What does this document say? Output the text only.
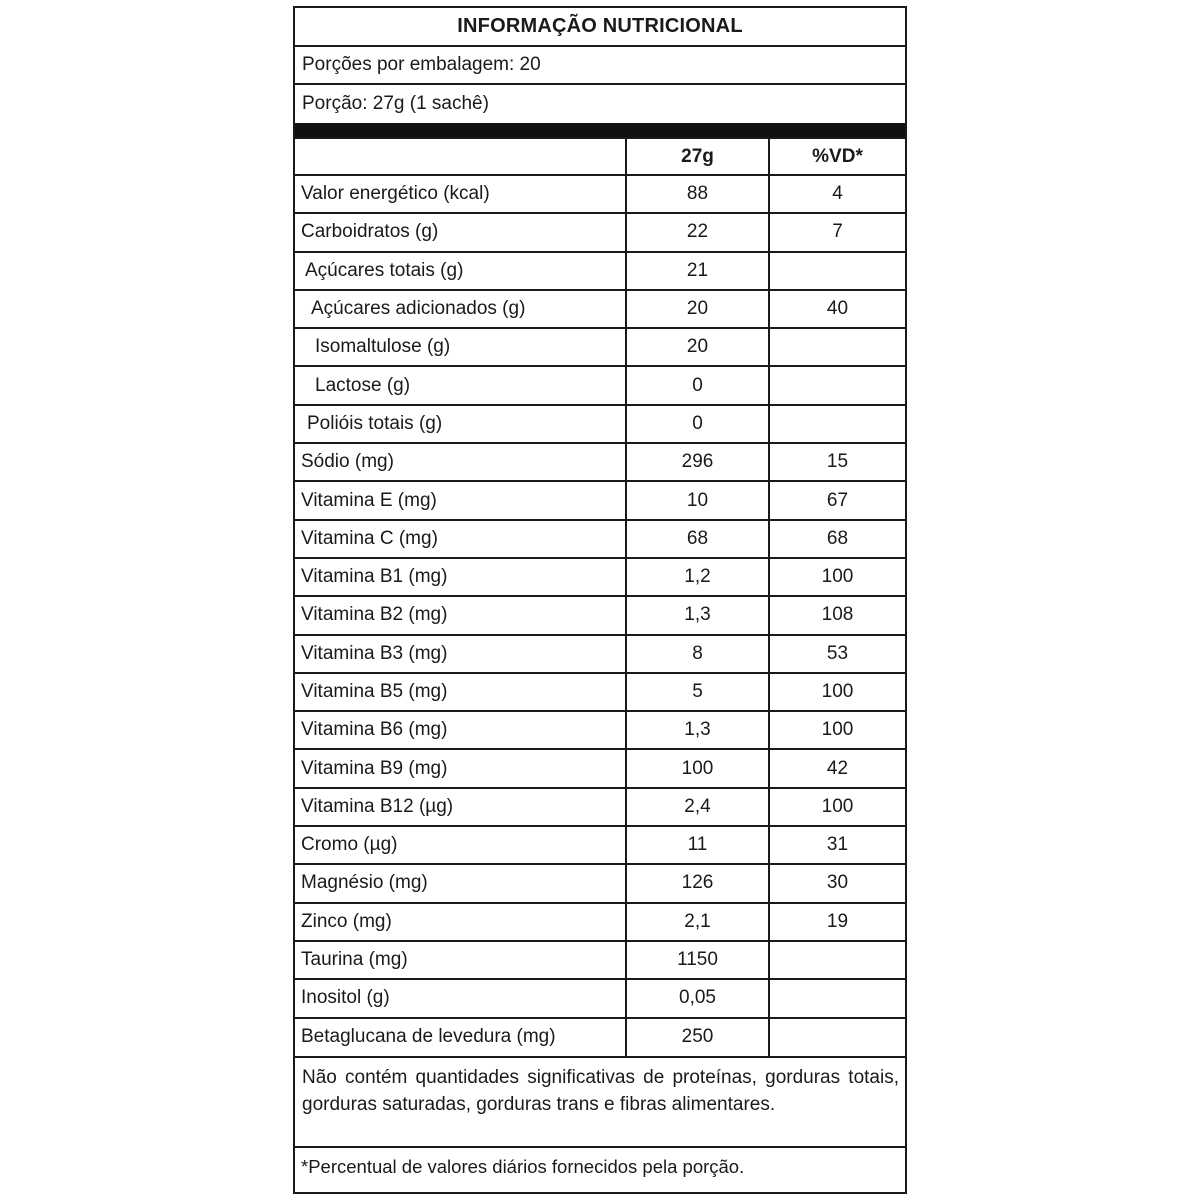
INFORMAÇÃO NUTRICIONAL
Porções por embalagem: 20
Porção: 27g (1 sachê)
	27g	%VD*
Valor energético (kcal)	88	4
Carboidratos (g)	22	7
Açúcares totais (g)	21	
Açúcares adicionados (g)	20	40
Isomaltulose (g)	20	
Lactose (g)	0	
Polióis totais (g)	0	
Sódio (mg)	296	15
Vitamina E (mg)	10	67
Vitamina C (mg)	68	68
Vitamina B1 (mg)	1,2	100
Vitamina B2 (mg)	1,3	108
Vitamina B3 (mg)	8	53
Vitamina B5 (mg)	5	100
Vitamina B6 (mg)	1,3	100
Vitamina B9 (mg)	100	42
Vitamina B12 (µg)	2,4	100
Cromo (µg)	11	31
Magnésio (mg)	126	30
Zinco (mg)	2,1	19
Taurina (mg)	1150	
Inositol (g)	0,05	
Betaglucana de levedura (mg)	250	
Não contém quantidades significativas de proteínas, gorduras totais, gorduras saturadas, gorduras trans e fibras alimentares.
*Percentual de valores diários fornecidos pela porção.
